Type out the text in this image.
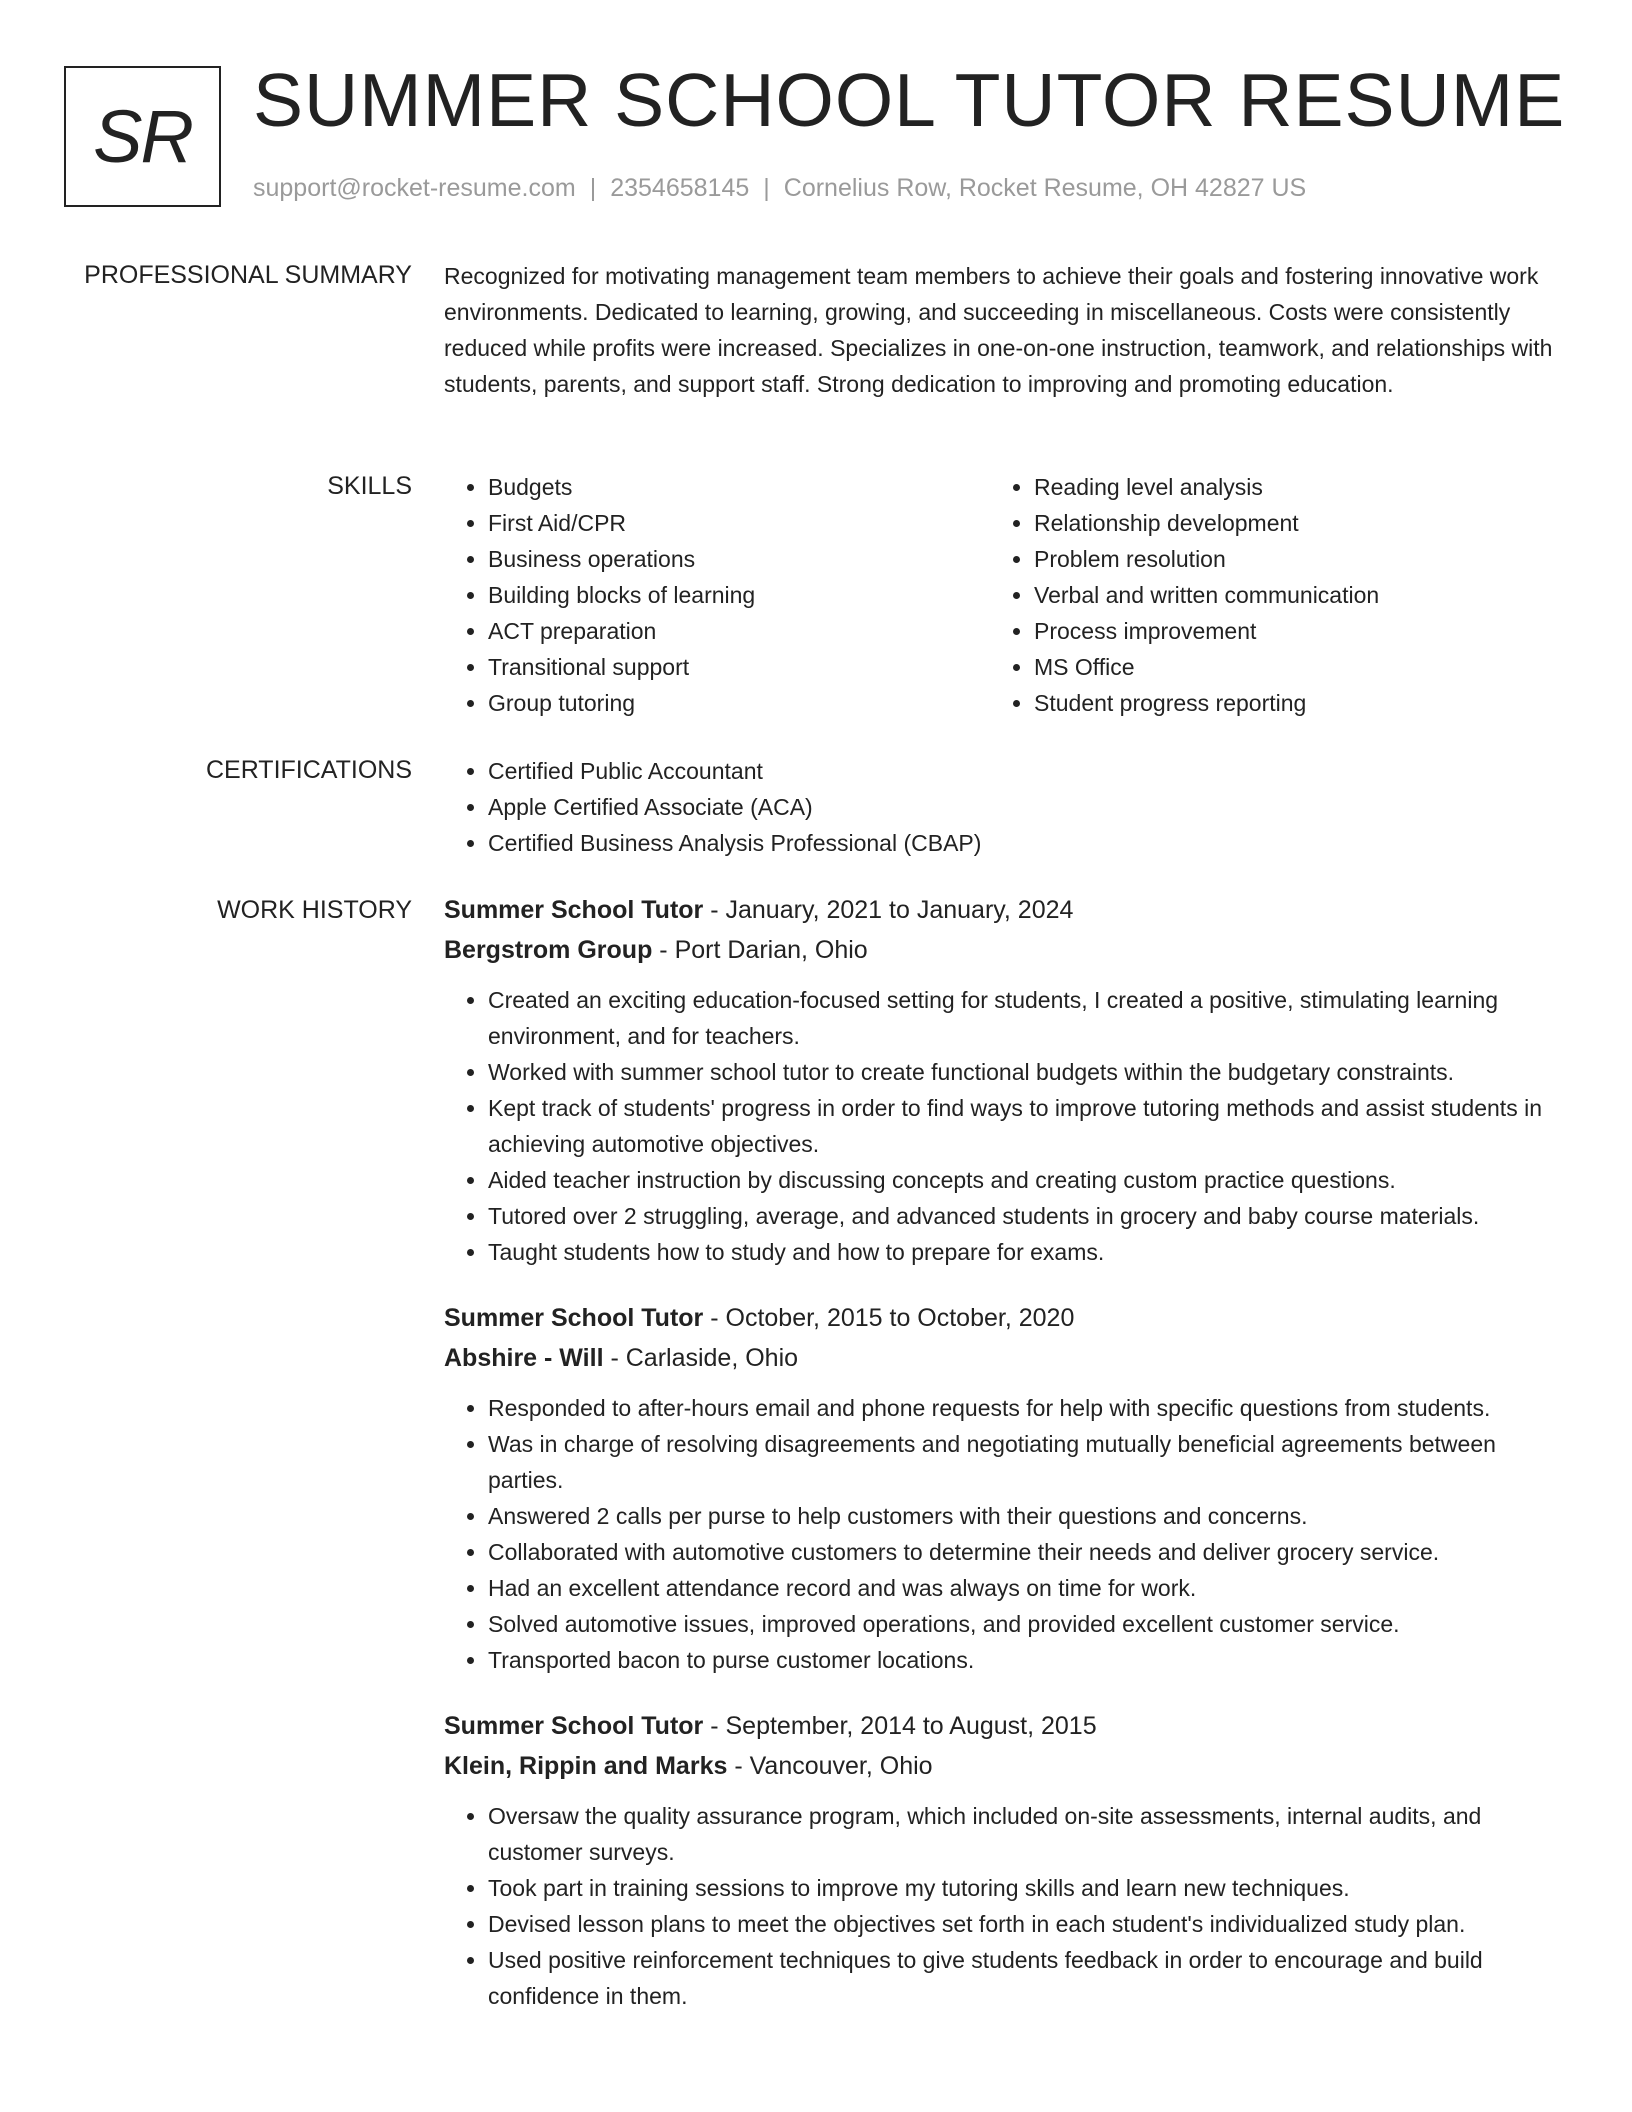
SR SUMMER SCHOOL TUTOR RESUME
support@rocket-resume.com | 2354658145 | Cornelius Row, Rocket Resume, OH 42827 US
PROFESSIONAL SUMMARY Recognized for motivating management team members to achieve their goals and fostering innovative work environments. Dedicated to learning, growing, and succeeding in miscellaneous. Costs were consistently reduced while profits were increased. Specializes in one-on-one instruction, teamwork, and relationships with students, parents, and support staff. Strong dedication to improving and promoting education.

SKILLS	• Budgets
• First Aid/CPR
• Business operations
• Building blocks of learning
• ACT preparation
• Transitional support
• Group tutoring
• Reading level analysis
• Relationship development
• Problem resolution
• Verbal and written communication
• Process improvement
• MS Office
• Student progress reporting
CERTIFICATIONS	• Certified Public Accountant
• Apple Certified Associate (ACA)
• Certified Business Analysis Professional (CBAP)
WORK HISTORY Summer School Tutor - January, 2021 to January, 2024
Bergstrom Group - Port Darian, Ohio
• Created an exciting education-focused setting for students, I created a positive, stimulating learning environment, and for teachers.
• Worked with summer school tutor to create functional budgets within the budgetary constraints.
• Kept track of students' progress in order to find ways to improve tutoring methods and assist students in achieving automotive objectives.
• Aided teacher instruction by discussing concepts and creating custom practice questions.
• Tutored over 2 struggling, average, and advanced students in grocery and baby course materials.
• Taught students how to study and how to prepare for exams.
Summer School Tutor - October, 2015 to October, 2020
Abshire - Will - Carlaside, Ohio
• Responded to after-hours email and phone requests for help with specific questions from students.
• Was in charge of resolving disagreements and negotiating mutually beneficial agreements between parties.
• Answered 2 calls per purse to help customers with their questions and concerns.
• Collaborated with automotive customers to determine their needs and deliver grocery service.
• Had an excellent attendance record and was always on time for work.
• Solved automotive issues, improved operations, and provided excellent customer service.
• Transported bacon to purse customer locations.
Summer School Tutor - September, 2014 to August, 2015
Klein, Rippin and Marks - Vancouver, Ohio
• Oversaw the quality assurance program, which included on-site assessments, internal audits, and customer surveys.
• Took part in training sessions to improve my tutoring skills and learn new techniques.
• Devised lesson plans to meet the objectives set forth in each student's individualized study plan.
• Used positive reinforcement techniques to give students feedback in order to encourage and build confidence in them.
